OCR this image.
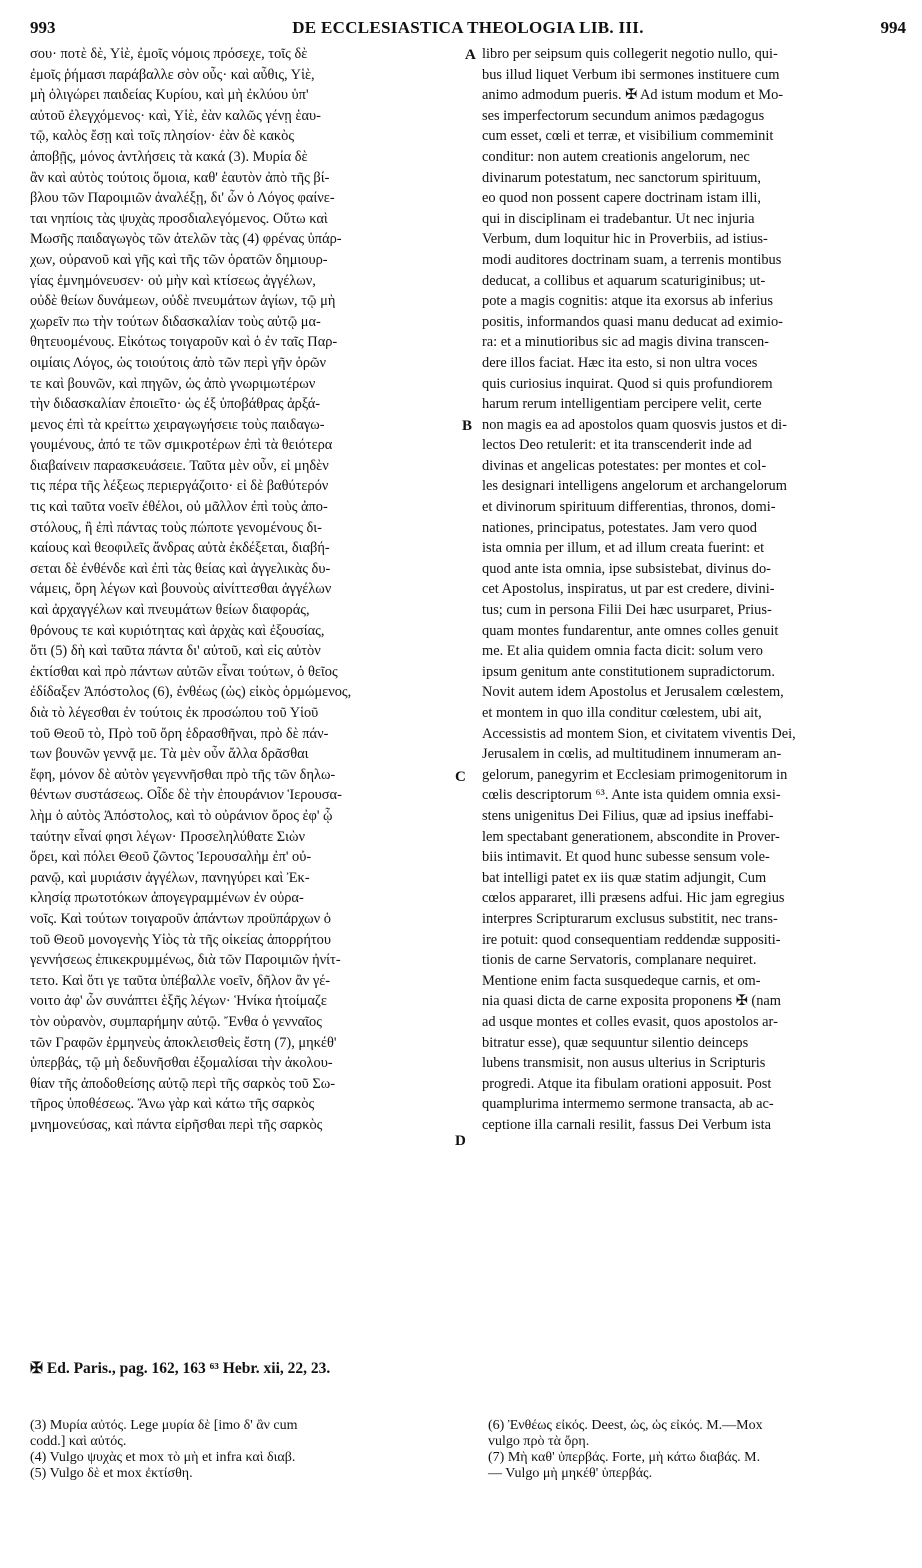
993	DE ECCLESIASTICA THEOLOGIA LIB. III.	994
σου· ποτὲ δὲ, Υἱὲ, ἐμοῖς νόμοις πρόσεχε, τοῖς δὲ
ἐμοῖς ῥήμασι παράβαλλε σὸν οὖς· καὶ αὖθις, Υἱὲ,
μὴ ὀλιγώρει παιδείας Κυρίου, καὶ μὴ ἐκλύου ὑπ'
αὐτοῦ ἐλεγχόμενος· καὶ, Υἱὲ, ἐὰν καλῶς γένῃ ἑαυ-
τῷ, καλὸς ἔσῃ καὶ τοῖς πλησίον· ἐὰν δὲ κακὸς
ἀποβῇς, μόνος ἀντλήσεις τὰ κακά (3). Μυρία δὲ
ἂν καὶ αὐτὸς τούτοις ὅμοια, καθ' ἑαυτὸν ἀπὸ τῆς βί-
βλου τῶν Παροιμιῶν ἀναλέξῃ, δι' ὧν ὁ Λόγος φαίνε-
ται νηπίοις τὰς ψυχὰς προσδιαλεγόμενος. Οὕτω καὶ
Μωσῆς παιδαγωγὸς τῶν ἀτελῶν τὰς (4) φρένας ὑπάρ-
χων, οὐρανοῦ καὶ γῆς καὶ τῆς τῶν ὁρατῶν δημιουρ-
γίας ἐμνημόνευσεν· οὐ μὴν καὶ κτίσεως ἀγγέλων,
οὐδὲ θείων δυνάμεων, οὐδὲ πνευμάτων ἁγίων, τῷ μὴ
χωρεῖν πω τὴν τούτων διδασκαλίαν τοὺς αὐτῷ μα-
θητευομένους. Εἰκότως τοιγαροῦν καὶ ὁ ἐν ταῖς Παρ-
οιμίαις Λόγος, ὡς τοιούτοις ἀπὸ τῶν περὶ γῆν ὁρῶν
τε καὶ βουνῶν, καὶ πηγῶν, ὡς ἀπὸ γνωριμωτέρων
τὴν διδασκαλίαν ἐποιεῖτο· ὡς ἐξ ὑποβάθρας ἀρξά-
μενος ἐπὶ τὰ κρείττω χειραγωγήσειε τοὺς παιδαγω-
γουμένους, ἀπό τε τῶν σμικροτέρων ἐπὶ τὰ θειότερα
διαβαίνειν παρασκευάσειε. Ταῦτα μὲν οὖν, εἰ μηδὲν
τις πέρα τῆς λέξεως περιεργάζοιτο· εἰ δὲ βαθύτερόν
τις καὶ ταῦτα νοεῖν ἐθέλοι, οὐ μᾶλλον ἐπὶ τοὺς ἀπο-
στόλους, ἢ ἐπὶ πάντας τοὺς πώποτε γενομένους δι-
καίους καὶ θεοφιλεῖς ἄνδρας αὐτὰ ἐκδέξεται, διαβή-
σεται δὲ ἐνθένδε καὶ ἐπὶ τὰς θείας καὶ ἀγγελικὰς δυ-
νάμεις, ὄρη λέγων καὶ βουνοὺς αἰνίττεσθαι ἀγγέλων
καὶ ἀρχαγγέλων καὶ πνευμάτων θείων διαφοράς,
θρόνους τε καὶ κυριότητας καὶ ἀρχὰς καὶ ἐξουσίας,
ὅτι (5) δὴ καὶ ταῦτα πάντα δι' αὐτοῦ, καὶ εἰς αὐτὸν
ἐκτίσθαι καὶ πρὸ πάντων αὐτῶν εἶναι τούτων, ὁ θεῖος
ἐδίδαξεν Ἀπόστολος (6), ἐνθέως (ὡς) εἰκὸς ὁρμώμενος,
διὰ τὸ λέγεσθαι ἐν τούτοις ἐκ προσώπου τοῦ Υἱοῦ
τοῦ Θεοῦ τὸ, Πρὸ τοῦ ὄρη ἑδρασθῆναι, πρὸ δὲ πάν-
των βουνῶν γεννᾷ με. Τὰ μὲν οὖν ἄλλα δρᾶσθαι
ἔφη, μόνον δὲ αὐτὸν γεγεννῆσθαι πρὸ τῆς τῶν δηλω-
θέντων συστάσεως. Οἶδε δὲ τὴν ἐπουράνιον Ἱερουσα-
λὴμ ὁ αὐτὸς Ἀπόστολος, καὶ τὸ οὐράνιον ὄρος ἐφ' ᾧ
ταύτην εἶναί φησι λέγων· Προσεληλύθατε Σιὼν
ὄρει, καὶ πόλει Θεοῦ ζῶντος Ἱερουσαλὴμ ἐπ' οὐ-
ρανῷ, καὶ μυριάσιν ἀγγέλων, πανηγύρει καὶ Ἐκ-
κλησίᾳ πρωτοτόκων ἀπογεγραμμένων ἐν οὐρα-
νοῖς. Καὶ τούτων τοιγαροῦν ἁπάντων προϋπάρχων ὁ
τοῦ Θεοῦ μονογενὴς Υἱὸς τὰ τῆς οἰκείας ἀπορρήτου
γεννήσεως ἐπικεκρυμμένως, διὰ τῶν Παροιμιῶν ἠνίτ-
τετο. Καὶ ὅτι γε ταῦτα ὑπέβαλλε νοεῖν, δῆλον ἂν γέ-
νοιτο ἀφ' ὧν συνάπτει ἑξῆς λέγων· Ἡνίκα ἡτοίμαζε
τὸν οὐρανὸν, συμπαρήμην αὐτῷ. Ἔνθα ὁ γενναῖος
τῶν Γραφῶν ἑρμηνεὺς ἀποκλεισθεὶς ἔστη (7), μηκέθ'
ὑπερβάς, τῷ μὴ δεδυνῆσθαι ἐξομαλίσαι τὴν ἀκολου-
θίαν τῆς ἀποδοθείσης αὐτῷ περὶ τῆς σαρκὸς τοῦ Σω-
τῆρος ὑποθέσεως. Ἄνω γὰρ καὶ κάτω τῆς σαρκὸς
μνημονεύσας, καὶ πάντα εἰρῆσθαι περὶ τῆς σαρκὸς
libro per seipsum quis collegerit negotio nullo, qui-
bus illud liquet Verbum ibi sermones instituere cum
animo admodum pueris. ✠ Ad istum modum et Mo-
ses imperfectorum secundum animos pædagogus
cum esset, cœli et terræ, et visibilium commeminit
conditur: non autem creationis angelorum, nec
divinarum potestatum, nec sanctorum spirituum,
eo quod non possent capere doctrinam istam illi,
qui in disciplinam ei tradebantur. Ut nec injuria
Verbum, dum loquitur hic in Proverbiis, ad istius-
modi auditores doctrinam suam, a terrenis montibus
deducat, a collibus et aquarum scaturiginibus; ut-
pote a magis cognitis: atque ita exorsus ab inferius
positis, informandos quasi manu deducat ad eximio-
ra: et a minutioribus sic ad magis divina transcen-
dere illos faciat. Hæc ita esto, si non ultra voces
quis curiosius inquirat. Quod si quis profundiorem
harum rerum intelligentiam percipere velit, certe
non magis ea ad apostolos quam quosvis justos et di-
lectos Deo retulerit: et ita transcenderit inde ad
divinas et angelicas potestates: per montes et col-
les designari intelligens angelorum et archangelorum
et divinorum spirituum differentias, thronos, domi-
nationes, principatus, potestates. Jam vero quod
ista omnia per illum, et ad illum creata fuerint: et
quod ante ista omnia, ipse subsistebat, divinus do-
cet Apostolus, inspiratus, ut par est credere, divini-
tus; cum in persona Filii Dei hæc usurparet, Prius-
quam montes fundarentur, ante omnes colles genuit
me. Et alia quidem omnia facta dicit: solum vero
ipsum genitum ante constitutionem supradictorum.
Novit autem idem Apostolus et Jerusalem cœlestem,
et montem in quo illa conditur cœlestem, ubi ait,
Accessistis ad montem Sion, et civitatem viventis Dei,
Jerusalem in cœlis, ad multitudinem innumeram an-
gelorum, panegyrim et Ecclesiam primogenitorum in
cœlis descriptorum ⁶³. Ante ista quidem omnia exsi-
stens unigenitus Dei Filius, quæ ad ipsius ineffabi-
lem spectabant generationem, abscondite in Prover-
biis intimavit. Et quod hunc subesse sensum vole-
bat intelligi patet ex iis quæ statim adjungit, Cum
cœlos appararet, illi præsens adfui. Hic jam egregius
interpres Scripturarum exclusus substitit, nec trans-
ire potuit: quod consequentiam reddendæ suppositi-
tionis de carne Servatoris, complanare nequiret.
Mentione enim facta susquedeque carnis, et om-
nia quasi dicta de carne exposita proponens ✠ (nam
ad usque montes et colles evasit, quos apostolos ar-
bitratur esse), quæ sequuntur silentio deinceps
lubens transmisit, non ausus ulterius in Scripturis
progredi. Atque ita fibulam orationi apposuit. Post
quamplurima intermemo sermone transacta, ab ac-
ceptione illa carnali resilit, fassus Dei Verbum ista
A
B
C
D
✠ Ed. Paris., pag. 162, 163 ⁶³ Hebr. xii, 22, 23.
(3) Μυρία αὐτός. Lege μυρία δὲ [imo δ' ἂν cum
codd.] καὶ αὐτός.
(4) Vulgo ψυχὰς et mox τὸ μὴ et infra καὶ διαβ.
(5) Vulgo δὲ et mox ἐκτίσθη.
(6) Ἐνθέως εἰκός. Deest, ὡς, ὡς εἰκός. M.—Mox
vulgo πρὸ τὰ ὄρη.
(7) Μὴ καθ' ὑπερβάς. Forte, μὴ κάτω διαβάς. M.
— Vulgo μὴ μηκέθ' ὑπερβάς.
